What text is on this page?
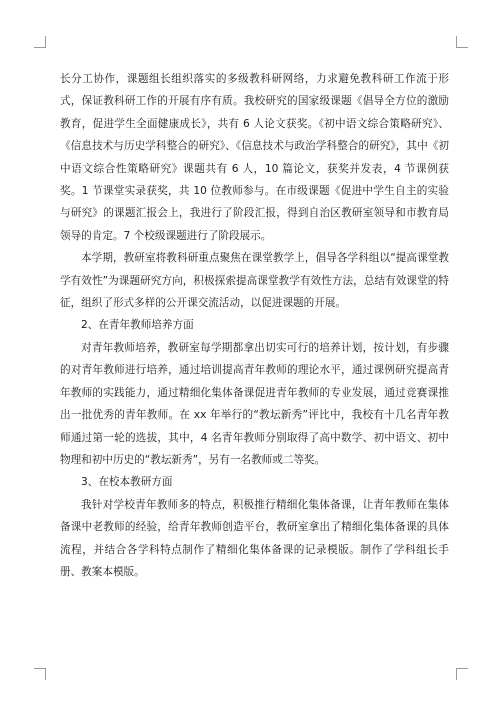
长分工协作，课题组长组织落实的多级教科研网络，力求避免教科研工作流于形式，保证教科研工作的开展有序有质。我校研究的国家级课题《倡导全方位的激励教育，促进学生全面健康成长》，共有 6 人论文获奖。《初中语文综合策略研究》、《信息技术与历史学科整合的研究》、《信息技术与政治学科整合的研究》，其中《初中语文综合性策略研究》课题共有 6 人，10 篇论文，获奖并发表，4 节课例获奖。1 节课堂实录获奖，共 10 位教师参与。在市级课题《促进中学生自主的实验与研究》的课题汇报会上，我进行了阶段汇报，得到自治区教研室领导和市教育局领导的肯定。7 个校级课题进行了阶段展示。

本学期，教研室将教科研重点聚焦在课堂教学上，倡导各学科组以“提高课堂教学有效性”为课题研究方向，积极探索提高课堂教学有效性方法，总结有效课堂的特征，组织了形式多样的公开课交流活动，以促进课题的开展。

2、在青年教师培养方面

对青年教师培养，教研室每学期都拿出切实可行的培养计划，按计划，有步骤的对青年教师进行培养，通过培训提高青年教师的理论水平，通过课例研究提高青年教师的实践能力，通过精细化集体备课促进青年教师的专业发展，通过竞赛课推出一批优秀的青年教师。在 xx 年举行的“教坛新秀”评比中，我校有十几名青年教师通过第一轮的选拔，其中，4 名青年教师分别取得了高中数学、初中语文、初中物理和初中历史的“教坛新秀”，另有一名教师或二等奖。

3、在校本教研方面

我针对学校青年教师多的特点，积极推行精细化集体备课，让青年教师在集体备课中老教师的经验，给青年教师创造平台，教研室拿出了精细化集体备课的具体流程，并结合各学科特点制作了精细化集体备课的记录模版。制作了学科组长手册、教案本模版。
